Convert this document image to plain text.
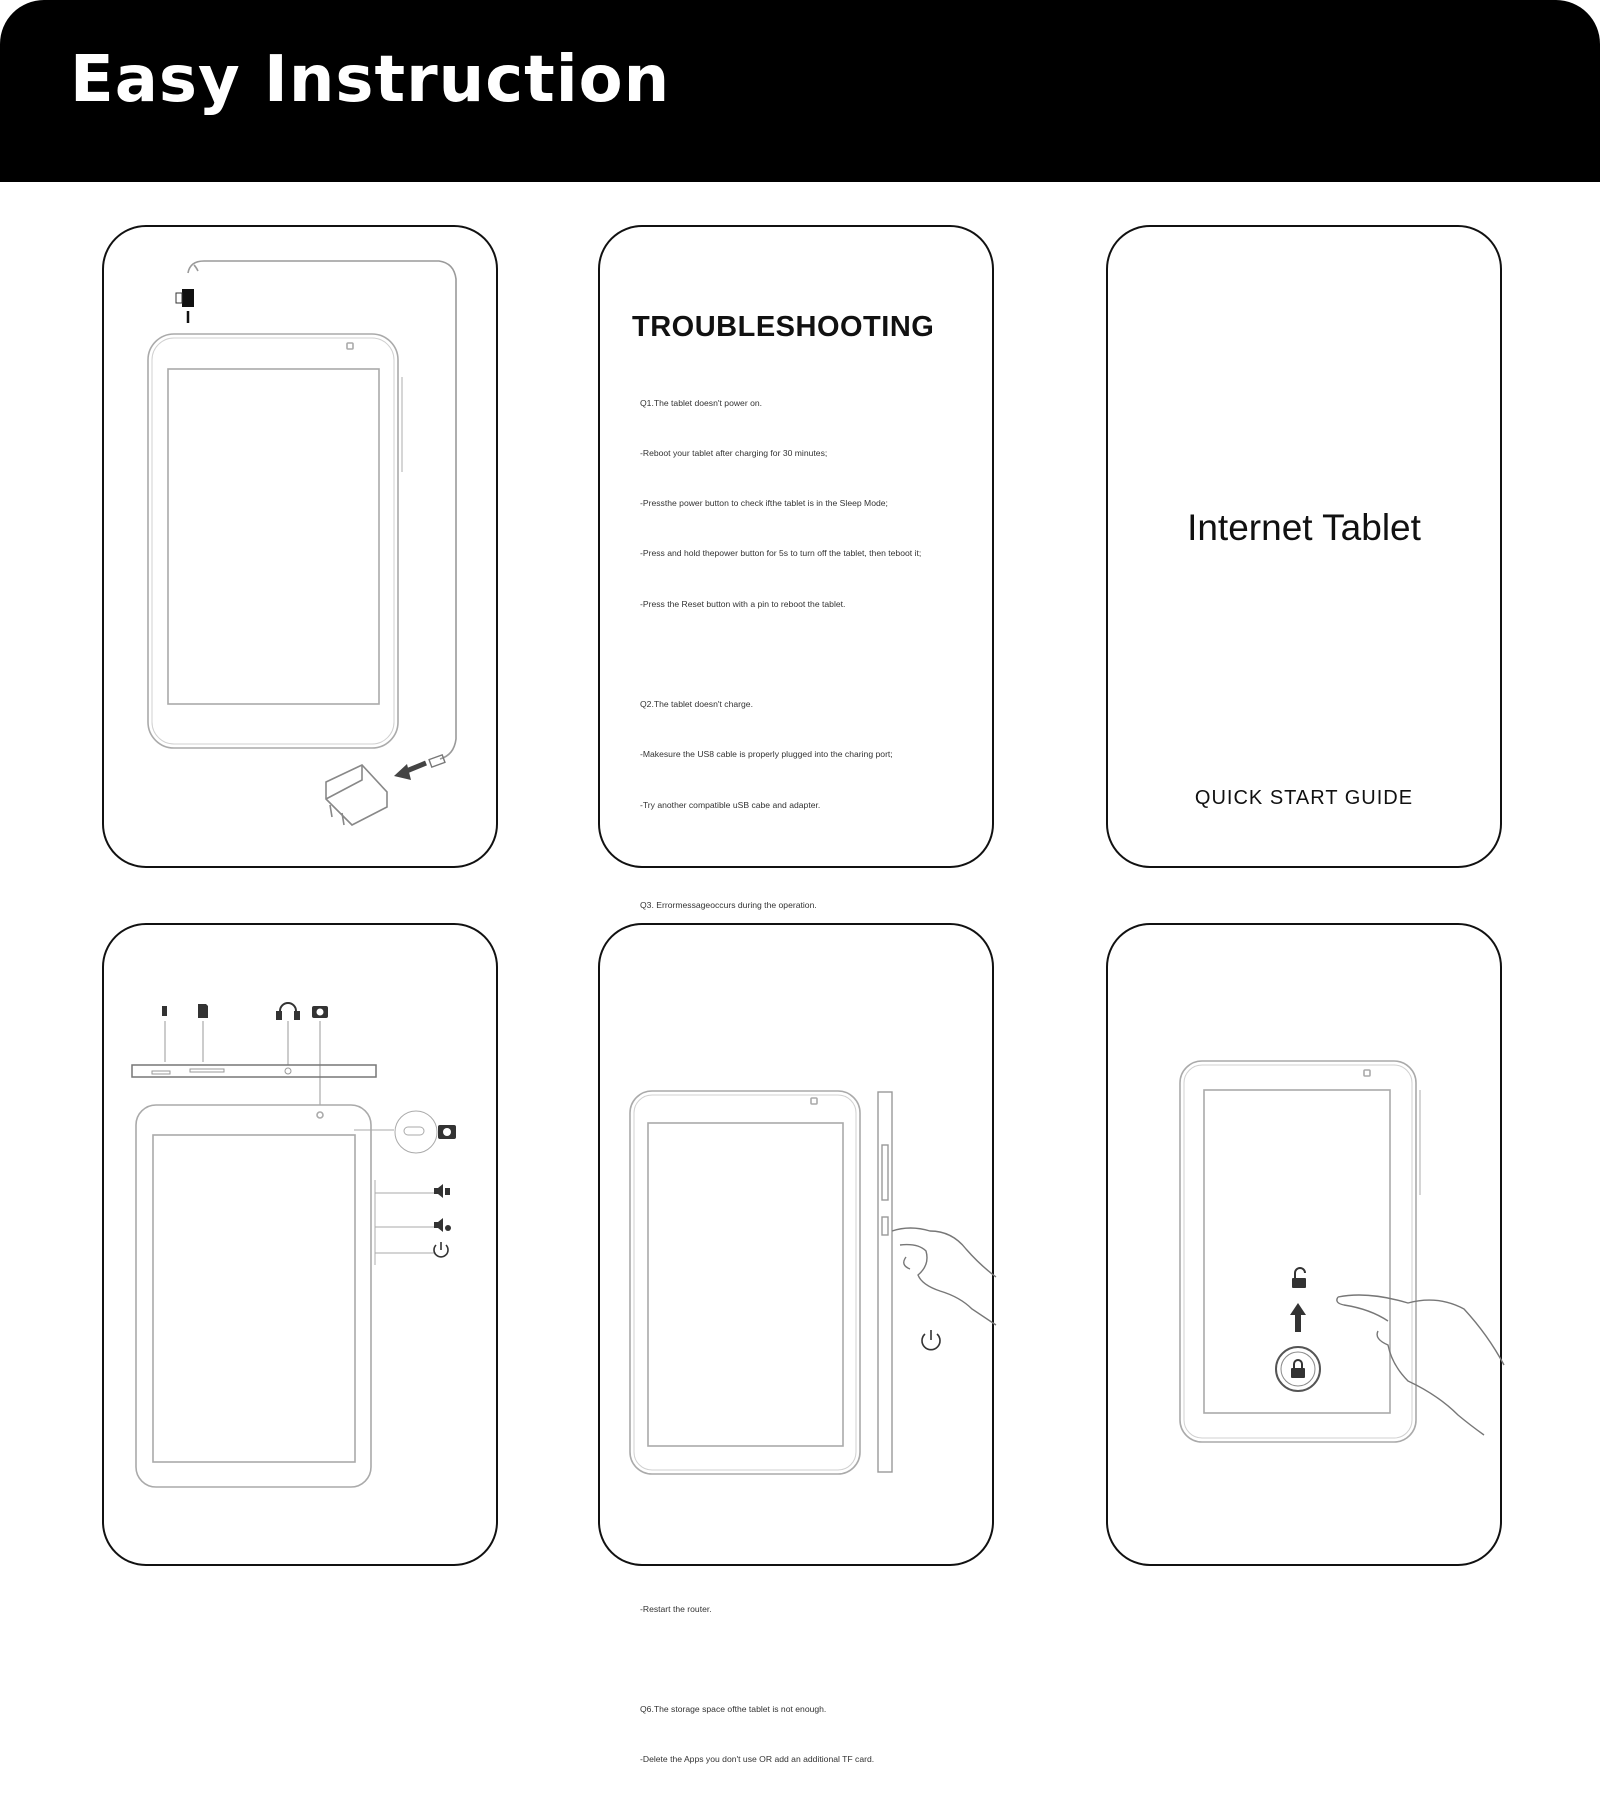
Easy Instruction
TROUBLESHOOTING

Q1.The tablet doesn't power on.

-Reboot your tablet after charging for 30 minutes;

-Pressthe power button to check ifthe tablet is in the Sleep Mode;

-Press and hold thepower button for 5s to turn off the tablet, then teboot it;

-Press the Reset button with a pin to reboot the tablet.

Q2.The tablet doesn't charge.

-Makesure the US8 cable is properly plugged into the charing port;

-Try another compatible uSB cabe and adapter.

Q3. Errormessageoccurs during the operation.

-Restart the router.

Q6.The storage space ofthe tablet is not enough.

-Delete the Apps you don't use OR add an additional TF card.

Internet Tablet
QUICK START GUIDE
